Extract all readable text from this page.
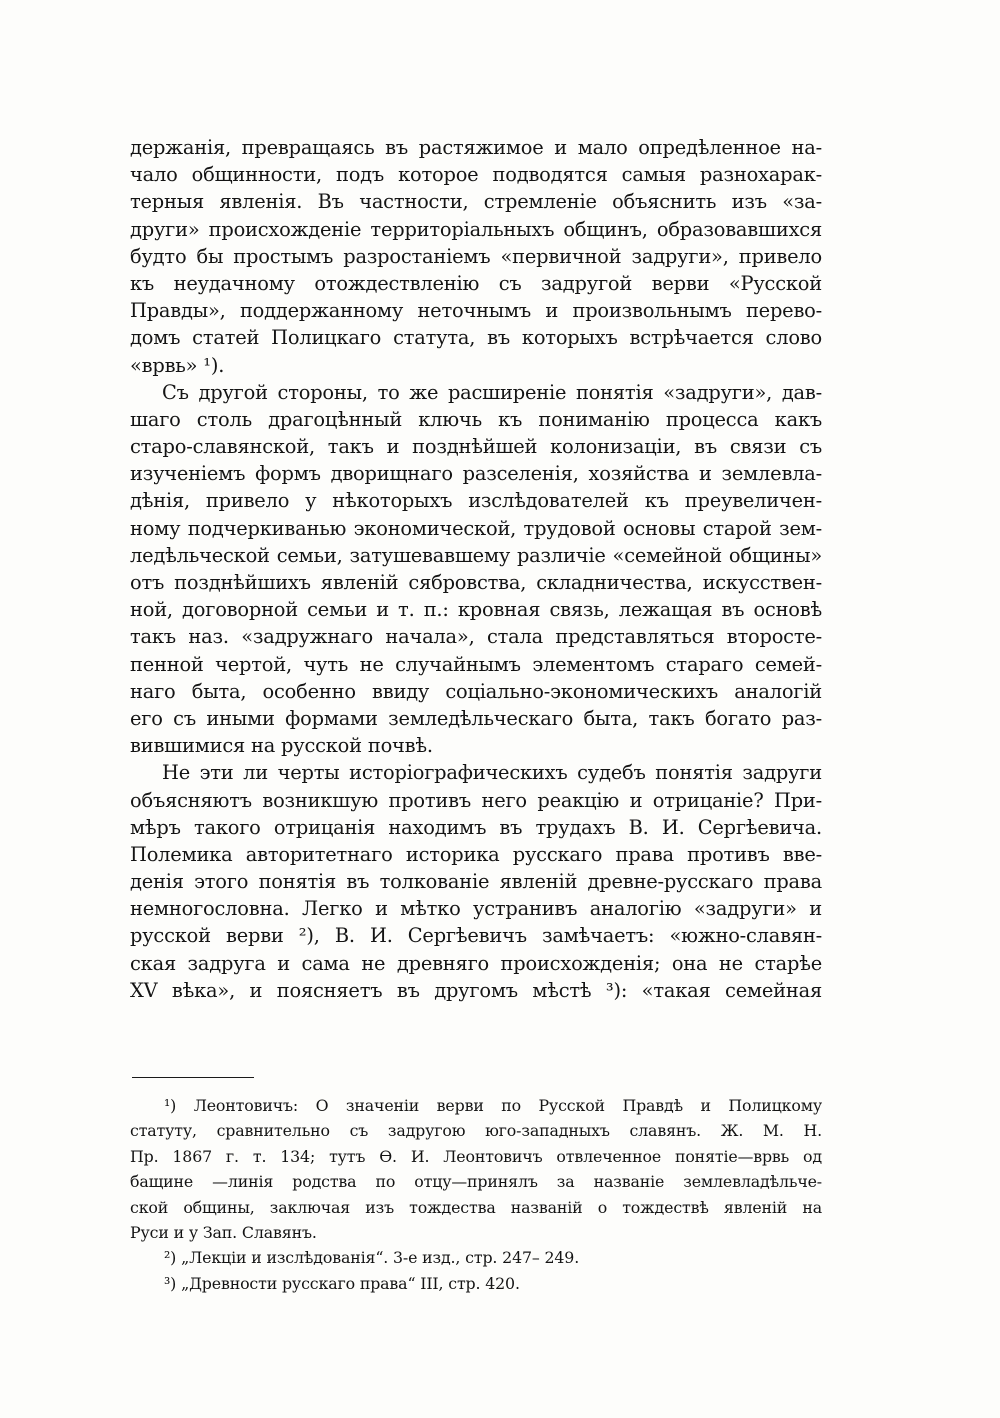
держанія, превращаясь въ растяжимое и мало опредѣленное на-
чало общинности, подъ которое подводятся самыя разнохарак-
терныя явленія. Въ частности, стремленіе объяснить изъ «за-
други» происхожденіе территоріальныхъ общинъ, образовавшихся
будто бы простымъ разростаніемъ «первичной задруги», привело
къ неудачному отождествленію съ задругой верви «Русской
Правды», поддержанному неточнымъ и произвольнымъ перево-
домъ статей Полицкаго статута, въ которыхъ встрѣчается слово
«врвь» ¹).
Съ другой стороны, то же расширеніе понятія «задруги», дав-
шаго столь драгоцѣнный ключь къ пониманію процесса какъ
старо-славянской, такъ и позднѣйшей колонизаціи, въ связи съ
изученіемъ формъ дворищнаго разселенія, хозяйства и землевла-
дѣнія, привело у нѣкоторыхъ изслѣдователей къ преувеличен-
ному подчеркиванью экономической, трудовой основы старой зем-
ледѣльческой семьи, затушевавшему различіе «семейной общины»
отъ позднѣйшихъ явленій сябровства, складничества, искусствен-
ной, договорной семьи и т. п.: кровная связь, лежащая въ основѣ
такъ наз. «задружнаго начала», стала представляться второсте-
пенной чертой, чуть не случайнымъ элементомъ стараго семей-
наго быта, особенно ввиду соціально-экономическихъ аналогій
его съ иными формами земледѣльческаго быта, такъ богато раз-
вившимися на русской почвѣ.
Не эти ли черты исторіографическихъ судебъ понятія задруги
объясняютъ возникшую противъ него реакцію и отрицаніе? При-
мѣръ такого отрицанія находимъ въ трудахъ В. И. Сергѣевича.
Полемика авторитетнаго историка русскаго права противъ вве-
денія этого понятія въ толкованіе явленій древне-русскаго права
немногословна. Легко и мѣтко устранивъ аналогію «задруги» и
русской верви ²), В. И. Сергѣевичъ замѣчаетъ: «южно-славян-
ская задруга и сама не древняго происхожденія; она не старѣе
XV вѣка», и поясняетъ въ другомъ мѣстѣ ³): «такая семейная
¹) Леонтовичъ: О значеніи верви по Русской Правдѣ и Полицкому
статуту, сравнительно съ задругою юго-западныхъ славянъ. Ж. М. Н.
Пр. 1867 г. т. 134; тутъ Ѳ. И. Леонтовичъ отвлеченное понятіе—врвь од
бащине —линія родства по отцу—принялъ за названіе землевладѣльче-
ской общины, заключая изъ тождества названій о тождествѣ явленій на
Руси и у Зап. Славянъ.
²) „Лекціи и изслѣдованія“. 3-е изд., стр. 247– 249.
³) „Древности русскаго права“ III, стр. 420.
